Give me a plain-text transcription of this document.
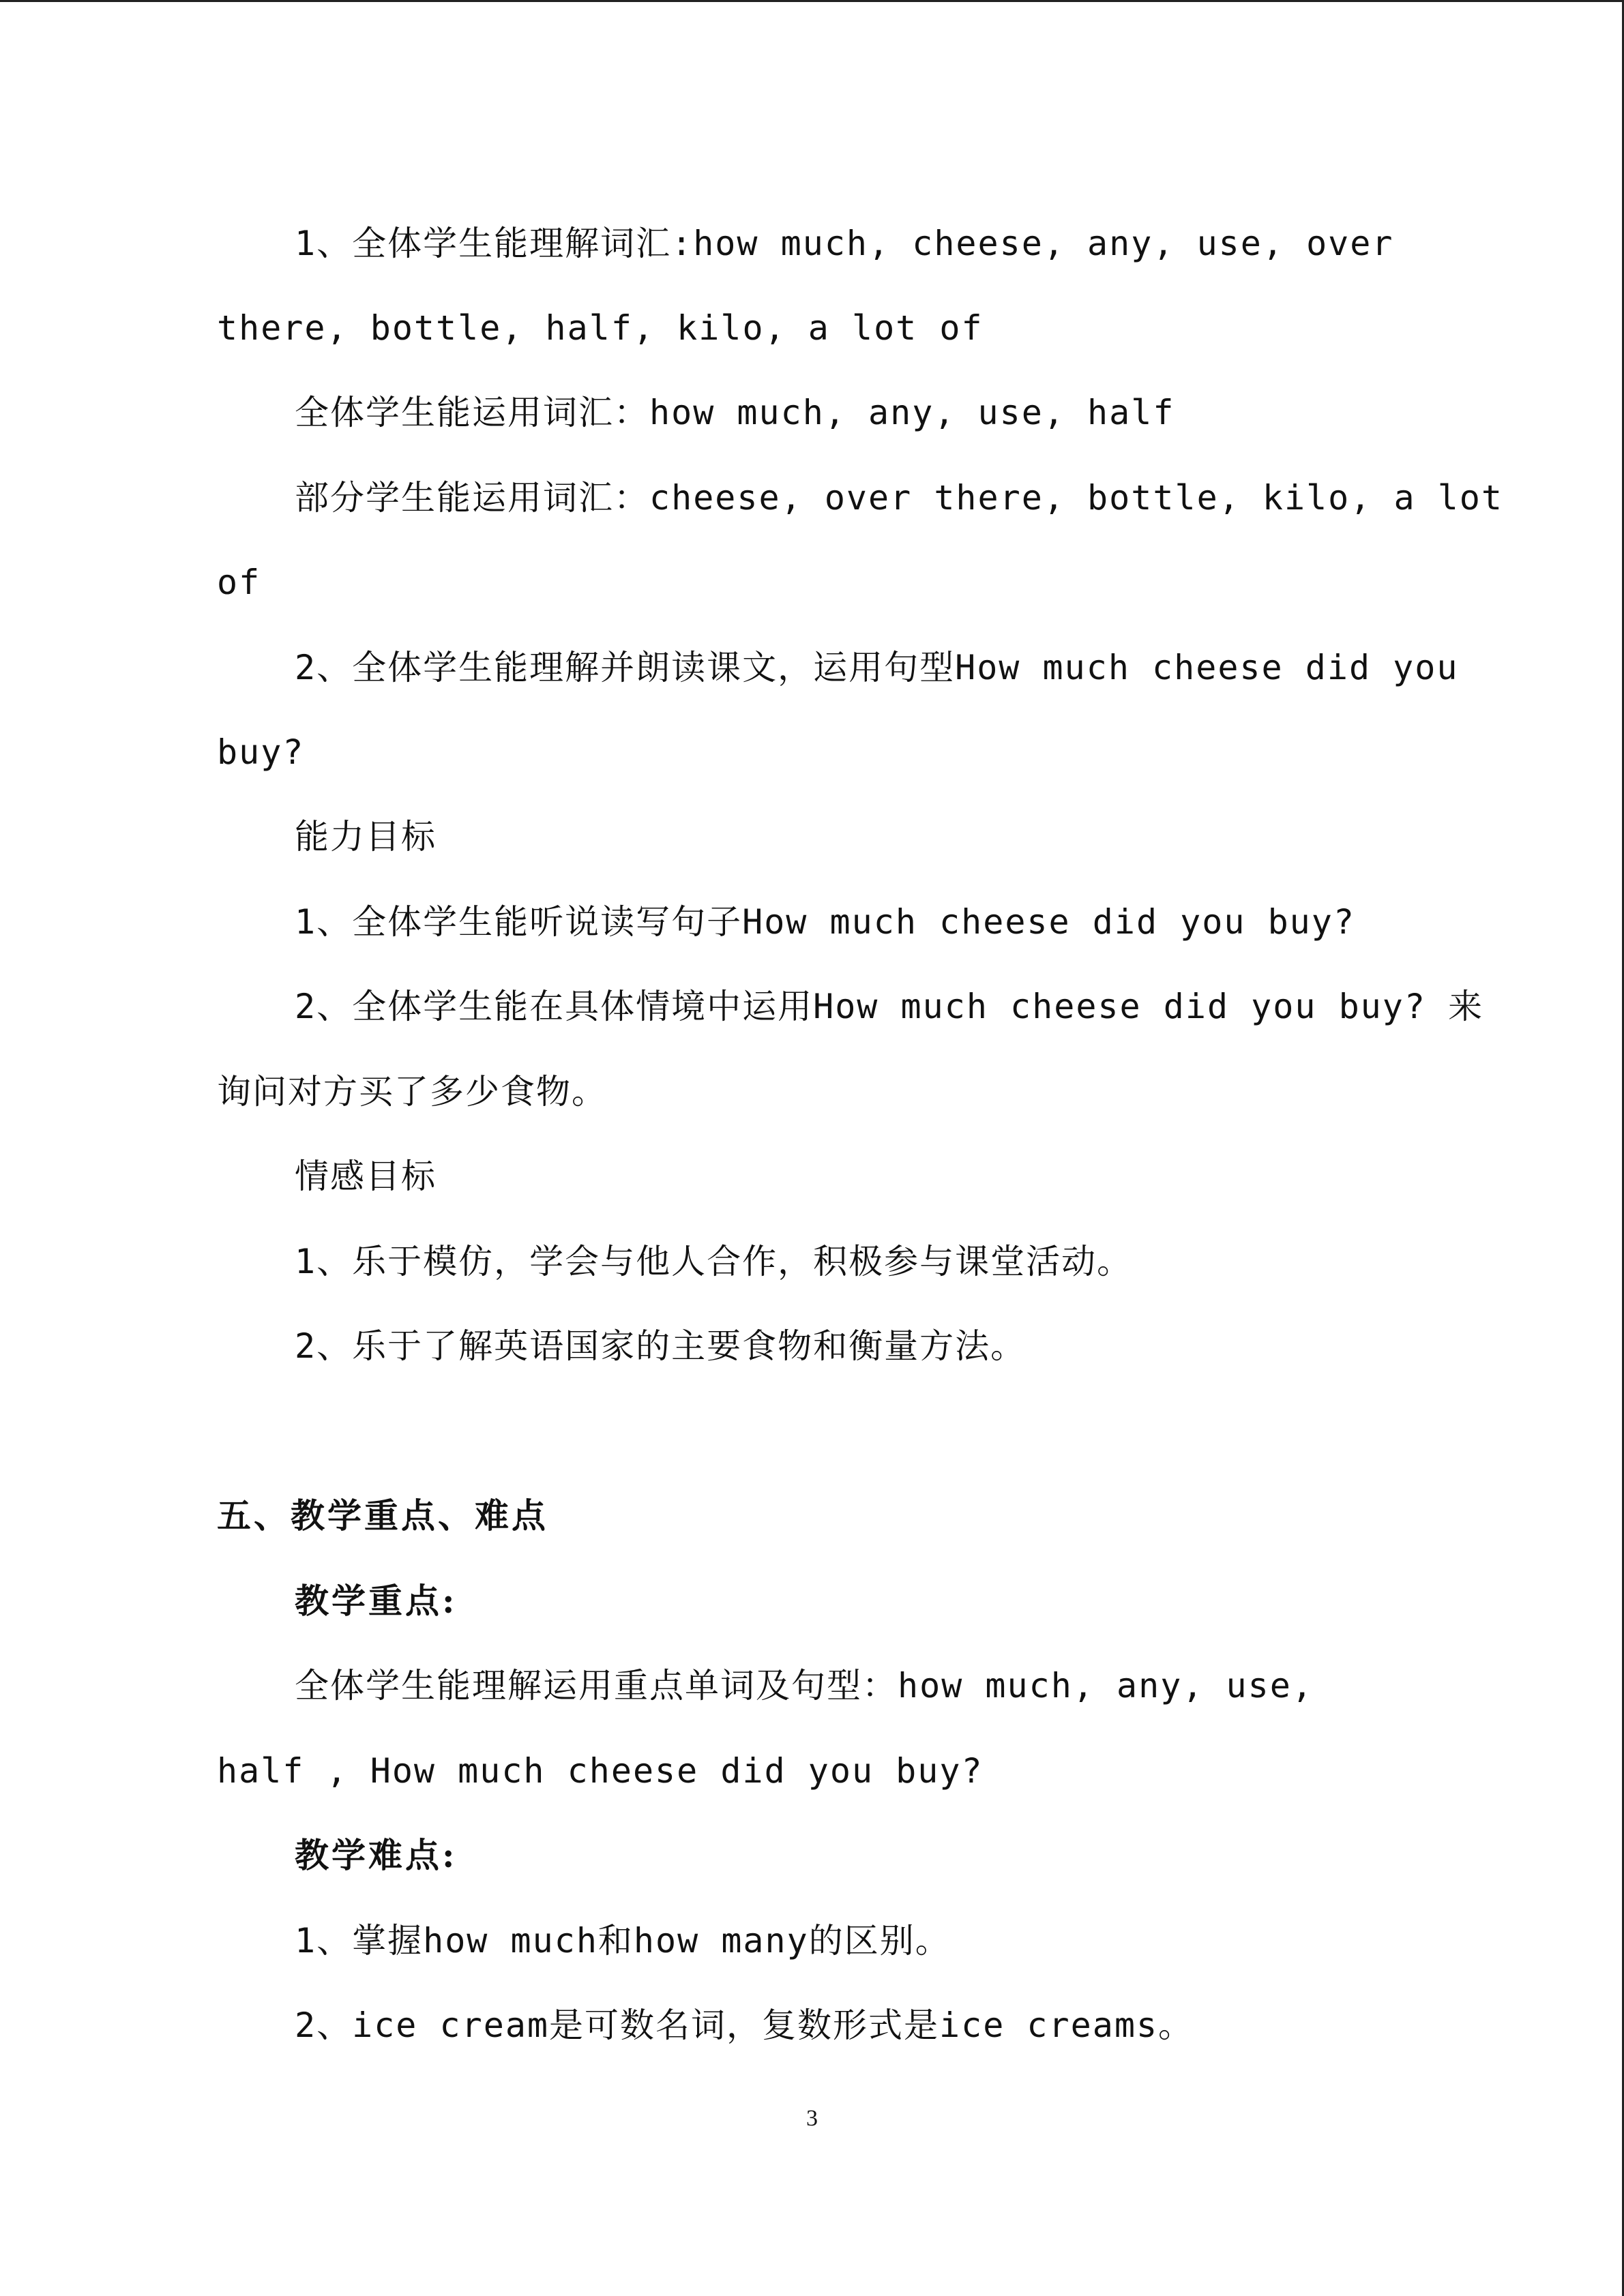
1、全体学生能理解词汇:how much, cheese, any, use, over
there, bottle, half, kilo, a lot of
全体学生能运用词汇：how much, any, use, half
部分学生能运用词汇：cheese, over there, bottle, kilo, a lot
of
2、全体学生能理解并朗读课文，运用句型How much cheese did you
buy?
能力目标
1、全体学生能听说读写句子How much cheese did you buy?
2、全体学生能在具体情境中运用How much cheese did you buy? 来
询问对方买了多少食物。
情感目标
1、乐于模仿，学会与他人合作，积极参与课堂活动。
2、乐于了解英语国家的主要食物和衡量方法。
五、教学重点、难点
教学重点:
全体学生能理解运用重点单词及句型：how much, any, use,
half , How much cheese did you buy?
教学难点:
1、掌握how much和how many的区别。
2、ice cream是可数名词，复数形式是ice creams。
3
